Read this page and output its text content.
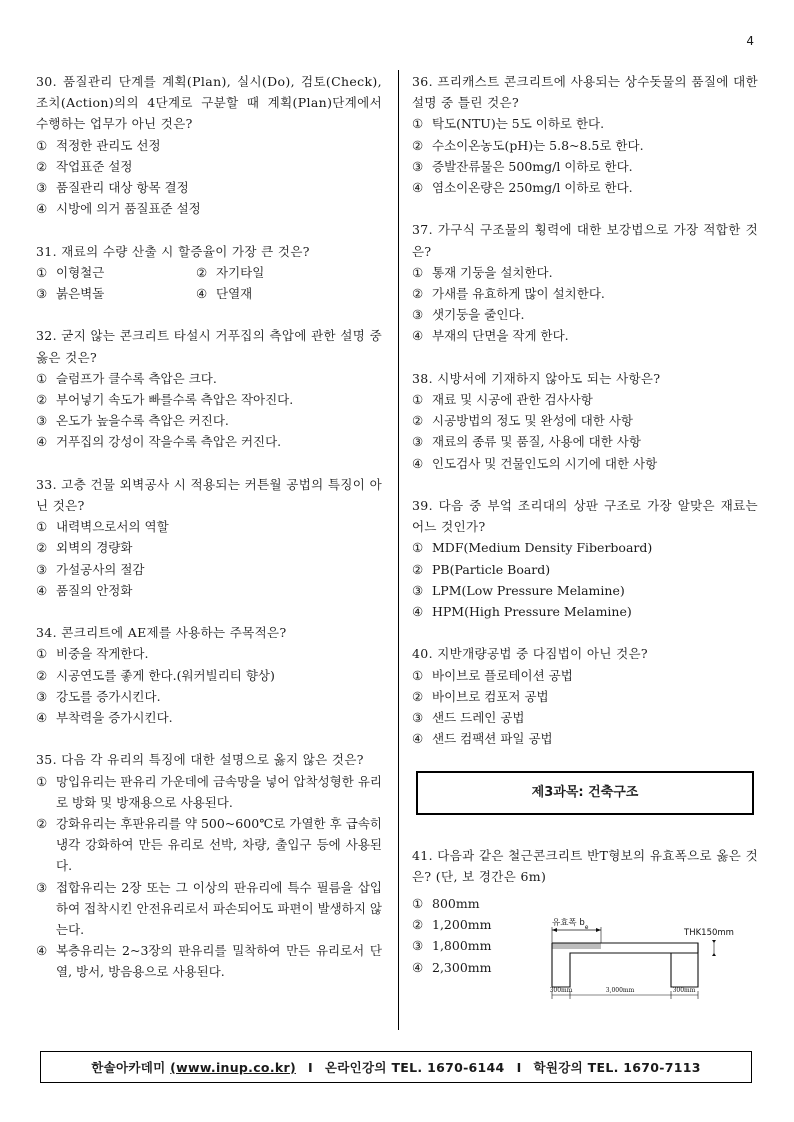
4
30. 품질관리 단계를 계획(Plan), 실시(Do), 검토(Check), 조치(Action)의의 4단계로 구분할 때 계획(Plan)단계에서 수행하는 업무가 아닌 것은?
① 적정한 관리도 선정
② 작업표준 설정
③ 품질관리 대상 항목 결정
④ 시방에 의거 품질표준 설정
31. 재료의 수량 산출 시 할증율이 가장 큰 것은?
① 이형철근	② 자기타일
③ 붉은벽돌	④ 단열재
32. 굳지 않는 콘크리트 타설시 거푸집의 측압에 관한 설명 중 옳은 것은?
① 슬럼프가 클수록 측압은 크다.
② 부어넣기 속도가 빠를수록 측압은 작아진다.
③ 온도가 높을수록 측압은 커진다.
④ 거푸집의 강성이 작을수록 측압은 커진다.
33. 고층 건물 외벽공사 시 적용되는 커튼월 공법의 특징이 아닌 것은?
① 내력벽으로서의 역할
② 외벽의 경량화
③ 가설공사의 절감
④ 품질의 안정화
34. 콘크리트에 AE제를 사용하는 주목적은?
① 비중을 작게한다.
② 시공연도를 좋게 한다.(워커빌리티 향상)
③ 강도를 증가시킨다.
④ 부착력을 증가시킨다.
35. 다음 각 유리의 특징에 대한 설명으로 옳지 않은 것은?
① 망입유리는 판유리 가운데에 금속망을 넣어 압착성형한 유리로 방화 및 방재용으로 사용된다.
② 강화유리는 후판유리를 약 500~600℃로 가열한 후 급속히 냉각 강화하여 만든 유리로 선박, 차량, 출입구 등에 사용된다.
③ 접합유리는 2장 또는 그 이상의 판유리에 특수 필름을 삽입하여 접착시킨 안전유리로서 파손되어도 파편이 발생하지 않는다.
④ 복층유리는 2~3장의 판유리를 밀착하여 만든 유리로서 단열, 방서, 방음용으로 사용된다.
36. 프리캐스트 콘크리트에 사용되는 상수돗물의 품질에 대한 설명 중 틀린 것은?
① 탁도(NTU)는 5도 이하로 한다.
② 수소이온농도(pH)는 5.8~8.5로 한다.
③ 증발잔류물은 500mg/l 이하로 한다.
④ 염소이온량은 250mg/l 이하로 한다.
37. 가구식 구조물의 횡력에 대한 보강법으로 가장 적합한 것은?
① 통재 기둥을 설치한다.
② 가새를 유효하게 많이 설치한다.
③ 샛기둥을 줄인다.
④ 부재의 단면을 작게 한다.
38. 시방서에 기재하지 않아도 되는 사항은?
① 재료 및 시공에 관한 검사사항
② 시공방법의 정도 및 완성에 대한 사항
③ 재료의 종류 및 품질, 사용에 대한 사항
④ 인도검사 및 건물인도의 시기에 대한 사항
39. 다음 중 부엌 조리대의 상판 구조로 가장 알맞은 재료는 어느 것인가?
① MDF(Medium Density Fiberboard)
② PB(Particle Board)
③ LPM(Low Pressure Melamine)
④ HPM(High Pressure Melamine)
40. 지반개량공법 중 다짐법이 아닌 것은?
① 바이브로 플로테이션 공법
② 바이브로 컴포저 공법
③ 샌드 드레인 공법
④ 샌드 컴팩션 파일 공법
제3과목: 건축구조
41. 다음과 같은 철근콘크리트 반T형보의 유효폭으로 옳은 것은? (단, 보 경간은 6m)
① 800mm
② 1,200mm
③ 1,800mm
④ 2,300mm
유효폭 $b_e$
THK150mm
300mm	3,000mm	300mm
한솔아카데미
(www.inup.co.kr) I 온라인강의 TEL. 1670-6144 I 학원강의 TEL. 1670-7113
